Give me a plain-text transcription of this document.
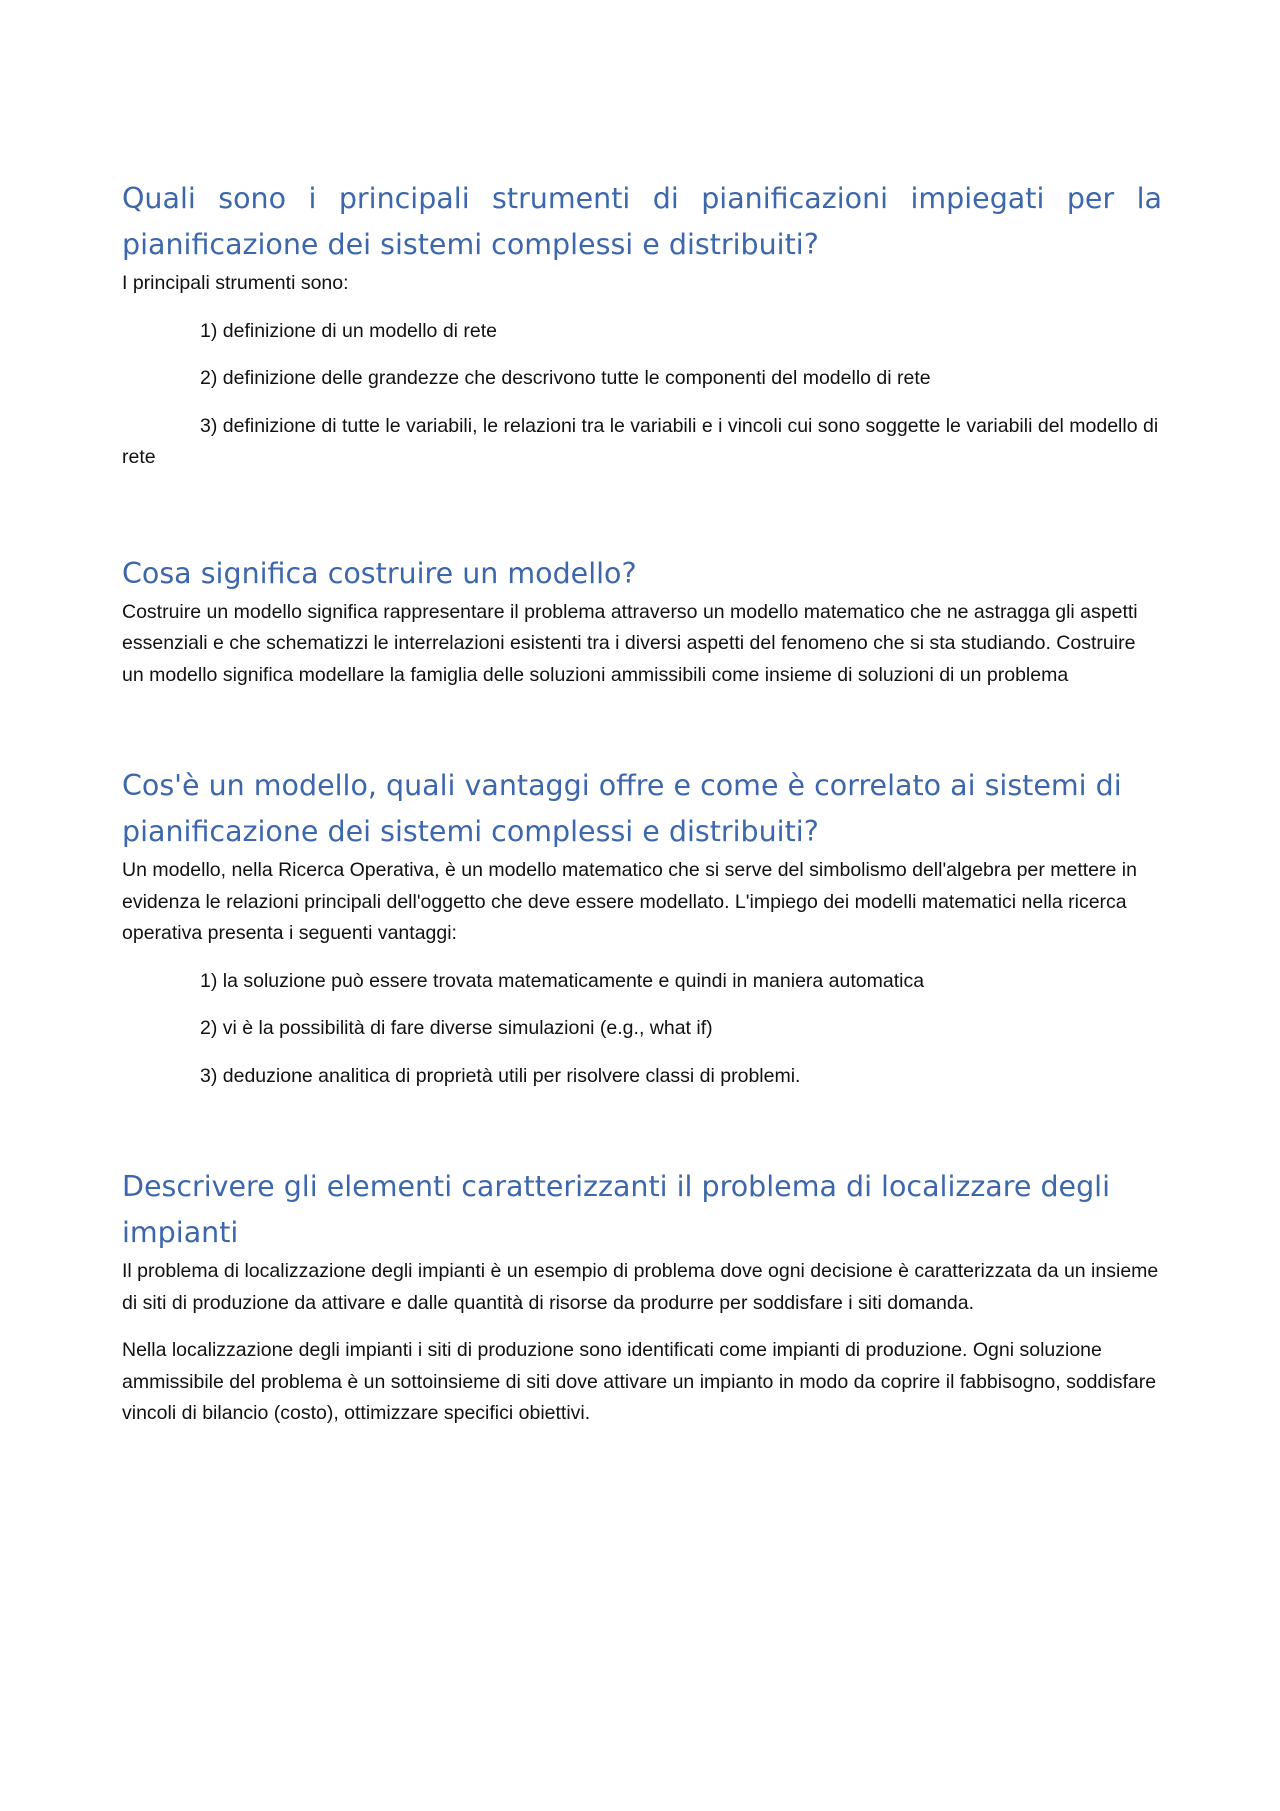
Quali sono i principali strumenti di pianificazioni impiegati per la pianificazione dei sistemi complessi e distribuiti?

I principali strumenti sono:

1) definizione di un modello di rete

2) definizione delle grandezze che descrivono tutte le componenti del modello di rete

3) definizione di tutte le variabili, le relazioni tra le variabili e i vincoli cui sono soggette le variabili del modello di rete

Cosa significa costruire un modello?

Costruire un modello significa rappresentare il problema attraverso un modello matematico che ne astragga gli aspetti essenziali e che schematizzi le interrelazioni esistenti tra i diversi aspetti del fenomeno che si sta studiando. Costruire un modello significa modellare la famiglia delle soluzioni ammissibili come insieme di soluzioni di un problema

Cos'è un modello, quali vantaggi offre e come è correlato ai sistemi di pianificazione dei sistemi complessi e distribuiti?

Un modello, nella Ricerca Operativa, è un modello matematico che si serve del simbolismo dell'algebra per mettere in evidenza le relazioni principali dell'oggetto che deve essere modellato. L'impiego dei modelli matematici nella ricerca operativa presenta i seguenti vantaggi:

1) la soluzione può essere trovata matematicamente e quindi in maniera automatica

2) vi è la possibilità di fare diverse simulazioni (e.g., what if)

3) deduzione analitica di proprietà utili per risolvere classi di problemi.

Descrivere gli elementi caratterizzanti il problema di localizzare degli impianti

Il problema di localizzazione degli impianti è un esempio di problema dove ogni decisione è caratterizzata da un insieme di siti di produzione da attivare e dalle quantità di risorse da produrre per soddisfare i siti domanda.

Nella localizzazione degli impianti i siti di produzione sono identificati come impianti di produzione. Ogni soluzione ammissibile del problema è un sottoinsieme di siti dove attivare un impianto in modo da coprire il fabbisogno, soddisfare vincoli di bilancio (costo), ottimizzare specifici obiettivi.
